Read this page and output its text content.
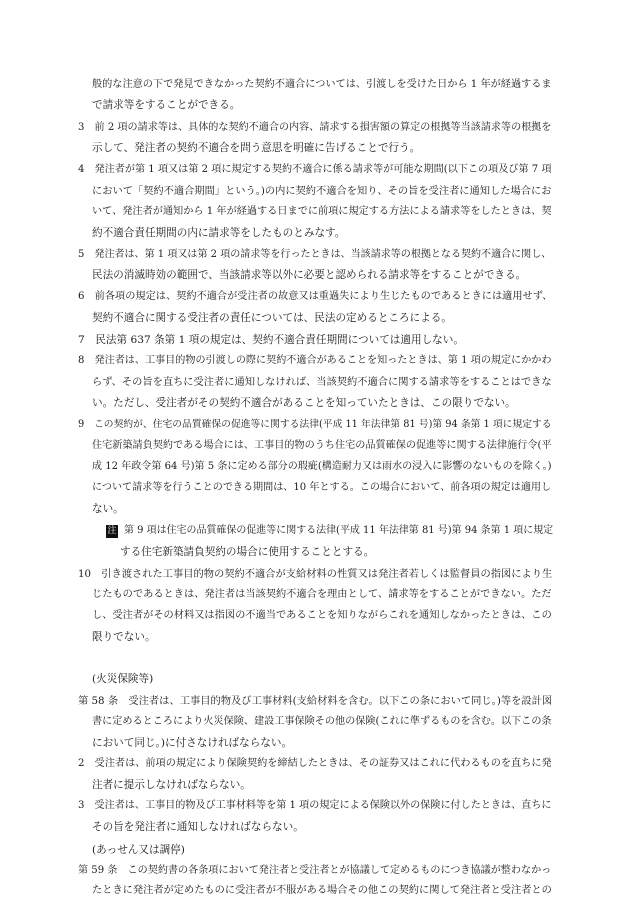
般的な注意の下で発見できなかった契約不適合については、引渡しを受けた日から 1 年が経過するま
で請求等をすることができる。
3　前 2 項の請求等は、具体的な契約不適合の内容、請求する損害額の算定の根拠等当該請求等の根拠を
示して、発注者の契約不適合を問う意思を明確に告げることで行う。
4　発注者が第 1 項又は第 2 項に規定する契約不適合に係る請求等が可能な期間(以下この項及び第 7 項
において「契約不適合期間」という。)の内に契約不適合を知り、その旨を受注者に通知した場合にお
いて、発注者が通知から 1 年が経過する日までに前項に規定する方法による請求等をしたときは、契
約不適合責任期間の内に請求等をしたものとみなす。
5　発注者は、第 1 項又は第 2 項の請求等を行ったときは、当該請求等の根拠となる契約不適合に関し、
民法の消滅時効の範囲で、当該請求等以外に必要と認められる請求等をすることができる。
6　前各項の規定は、契約不適合が受注者の故意又は重過失により生じたものであるときには適用せず、
契約不適合に関する受注者の責任については、民法の定めるところによる。
7　民法第 637 条第 1 項の規定は、契約不適合責任期間については適用しない。
8　発注者は、工事目的物の引渡しの際に契約不適合があることを知ったときは、第 1 項の規定にかかわ
らず、その旨を直ちに受注者に通知しなければ、当該契約不適合に関する請求等をすることはできな
い。ただし、受注者がその契約不適合があることを知っていたときは、この限りでない。
9　この契約が、住宅の品質確保の促進等に関する法律(平成 11 年法律第 81 号)第 94 条第 1 項に規定する
住宅新築請負契約である場合には、工事目的物のうち住宅の品質確保の促進等に関する法律施行令(平
成 12 年政令第 64 号)第 5 条に定める部分の瑕疵(構造耐力又は雨水の浸入に影響のないものを除く。)
について請求等を行うことのできる期間は、10 年とする。この場合において、前各項の規定は適用し
ない。
注 第 9 項は住宅の品質確保の促進等に関する法律(平成 11 年法律第 81 号)第 94 条第 1 項に規定
する住宅新築請負契約の場合に使用することとする。
10　引き渡された工事目的物の契約不適合が支給材料の性質又は発注者若しくは監督員の指図により生
じたものであるときは、発注者は当該契約不適合を理由として、請求等をすることができない。ただ
し、受注者がその材料又は指図の不適当であることを知りながらこれを通知しなかったときは、この
限りでない。
(火災保険等)
第 58 条　受注者は、工事目的物及び工事材料(支給材料を含む。以下この条において同じ。)等を設計図
書に定めるところにより火災保険、建設工事保険その他の保険(これに準ずるものを含む。以下この条
において同じ。)に付さなければならない。
2　受注者は、前項の規定により保険契約を締結したときは、その証券又はこれに代わるものを直ちに発
注者に提示しなければならない。
3　受注者は、工事目的物及び工事材料等を第 1 項の規定による保険以外の保険に付したときは、直ちに
その旨を発注者に通知しなければならない。
(あっせん又は調停)
第 59 条　この契約書の各条項において発注者と受注者とが協議して定めるものにつき協議が整わなかっ
たときに発注者が定めたものに受注者が不服がある場合その他この契約に関して発注者と受注者との
